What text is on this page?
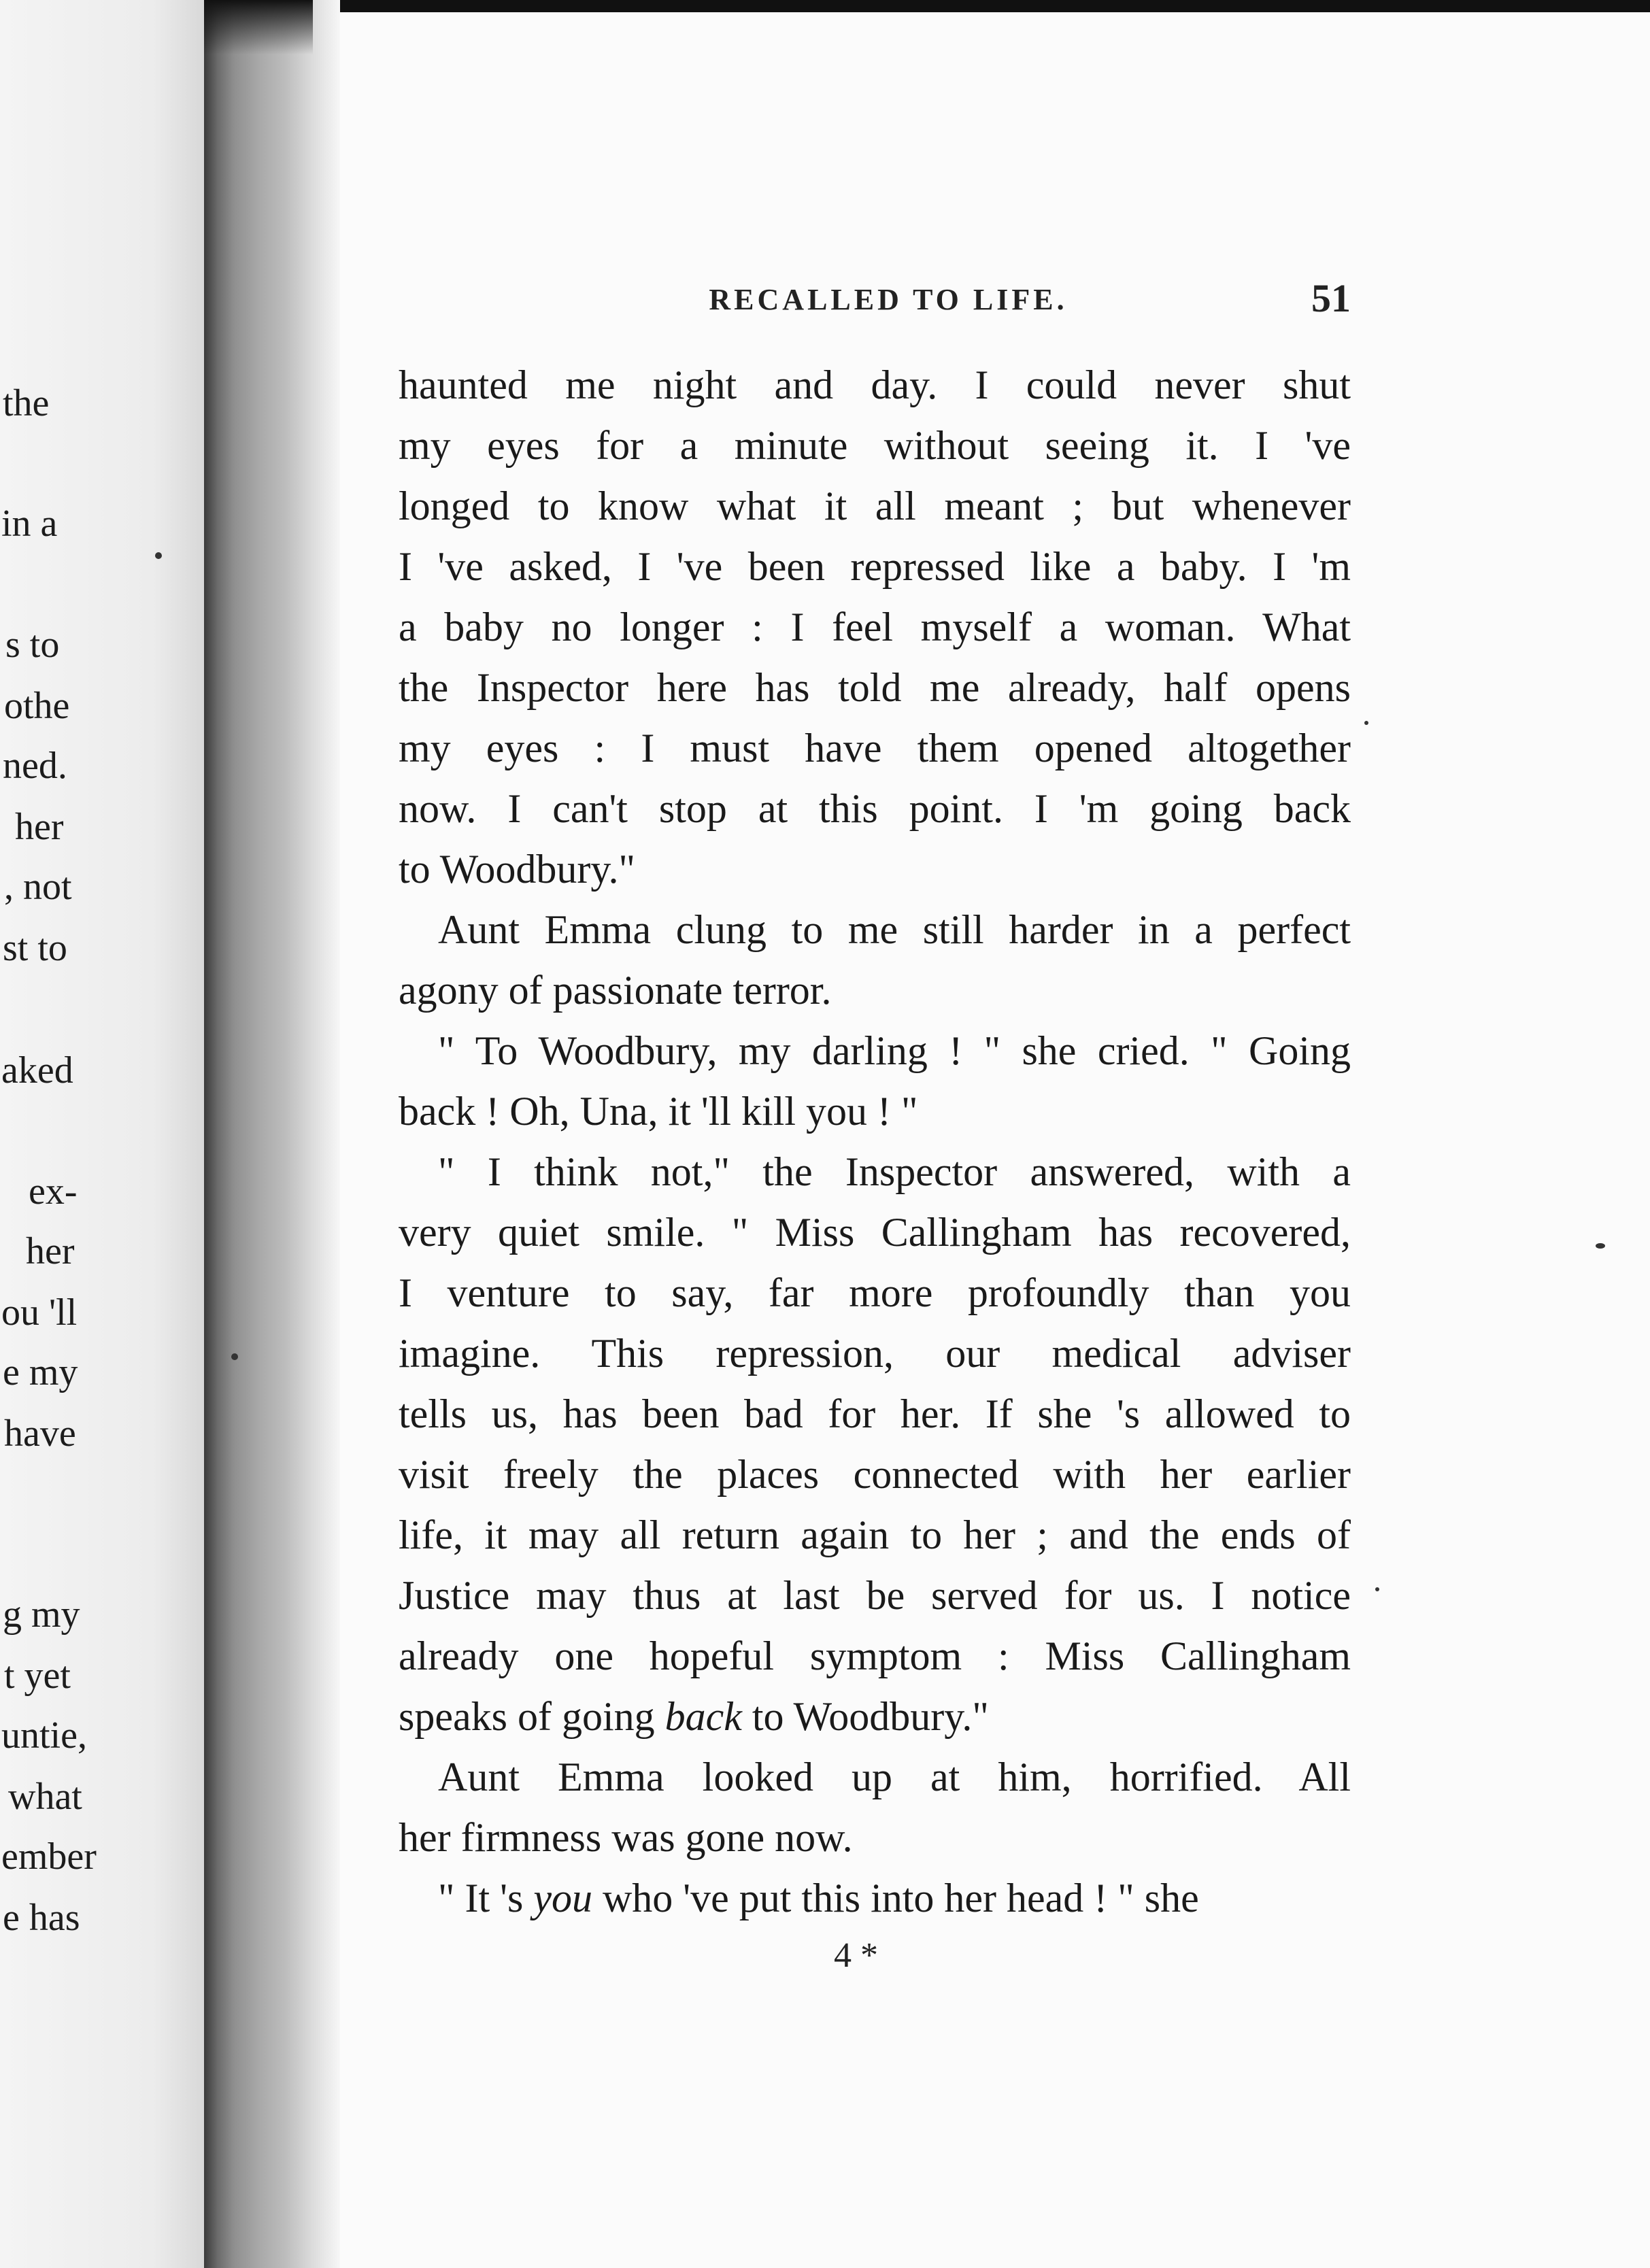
the
in a
s to
othe
ned.
her
, not
st to
aked
ex-
her
ou 'll
e my
have
g my
t yet
untie,
what
ember
e has
RECALLED TO LIFE.	51
haunted me night and day. I could never shut
my eyes for a minute without seeing it. I 've
longed to know what it all meant ; but whenever
I 've asked, I 've been repressed like a baby. I 'm
a baby no longer : I feel myself a woman. What
the Inspector here has told me already, half opens
my eyes : I must have them opened altogether
now. I can't stop at this point. I 'm going back
to Woodbury."
Aunt Emma clung to me still harder in a perfect
agony of passionate terror.
" To Woodbury, my darling ! " she cried. " Going
back ! Oh, Una, it 'll kill you ! "
" I think not," the Inspector answered, with a
very quiet smile. " Miss Callingham has recovered,
I venture to say, far more profoundly than you
imagine. This repression, our medical adviser
tells us, has been bad for her. If she 's allowed to
visit freely the places connected with her earlier
life, it may all return again to her ; and the ends of
Justice may thus at last be served for us. I notice
already one hopeful symptom : Miss Callingham
speaks of going back to Woodbury."
Aunt Emma looked up at him, horrified. All
her firmness was gone now.
" It 's you who 've put this into her head ! " she
4 *
